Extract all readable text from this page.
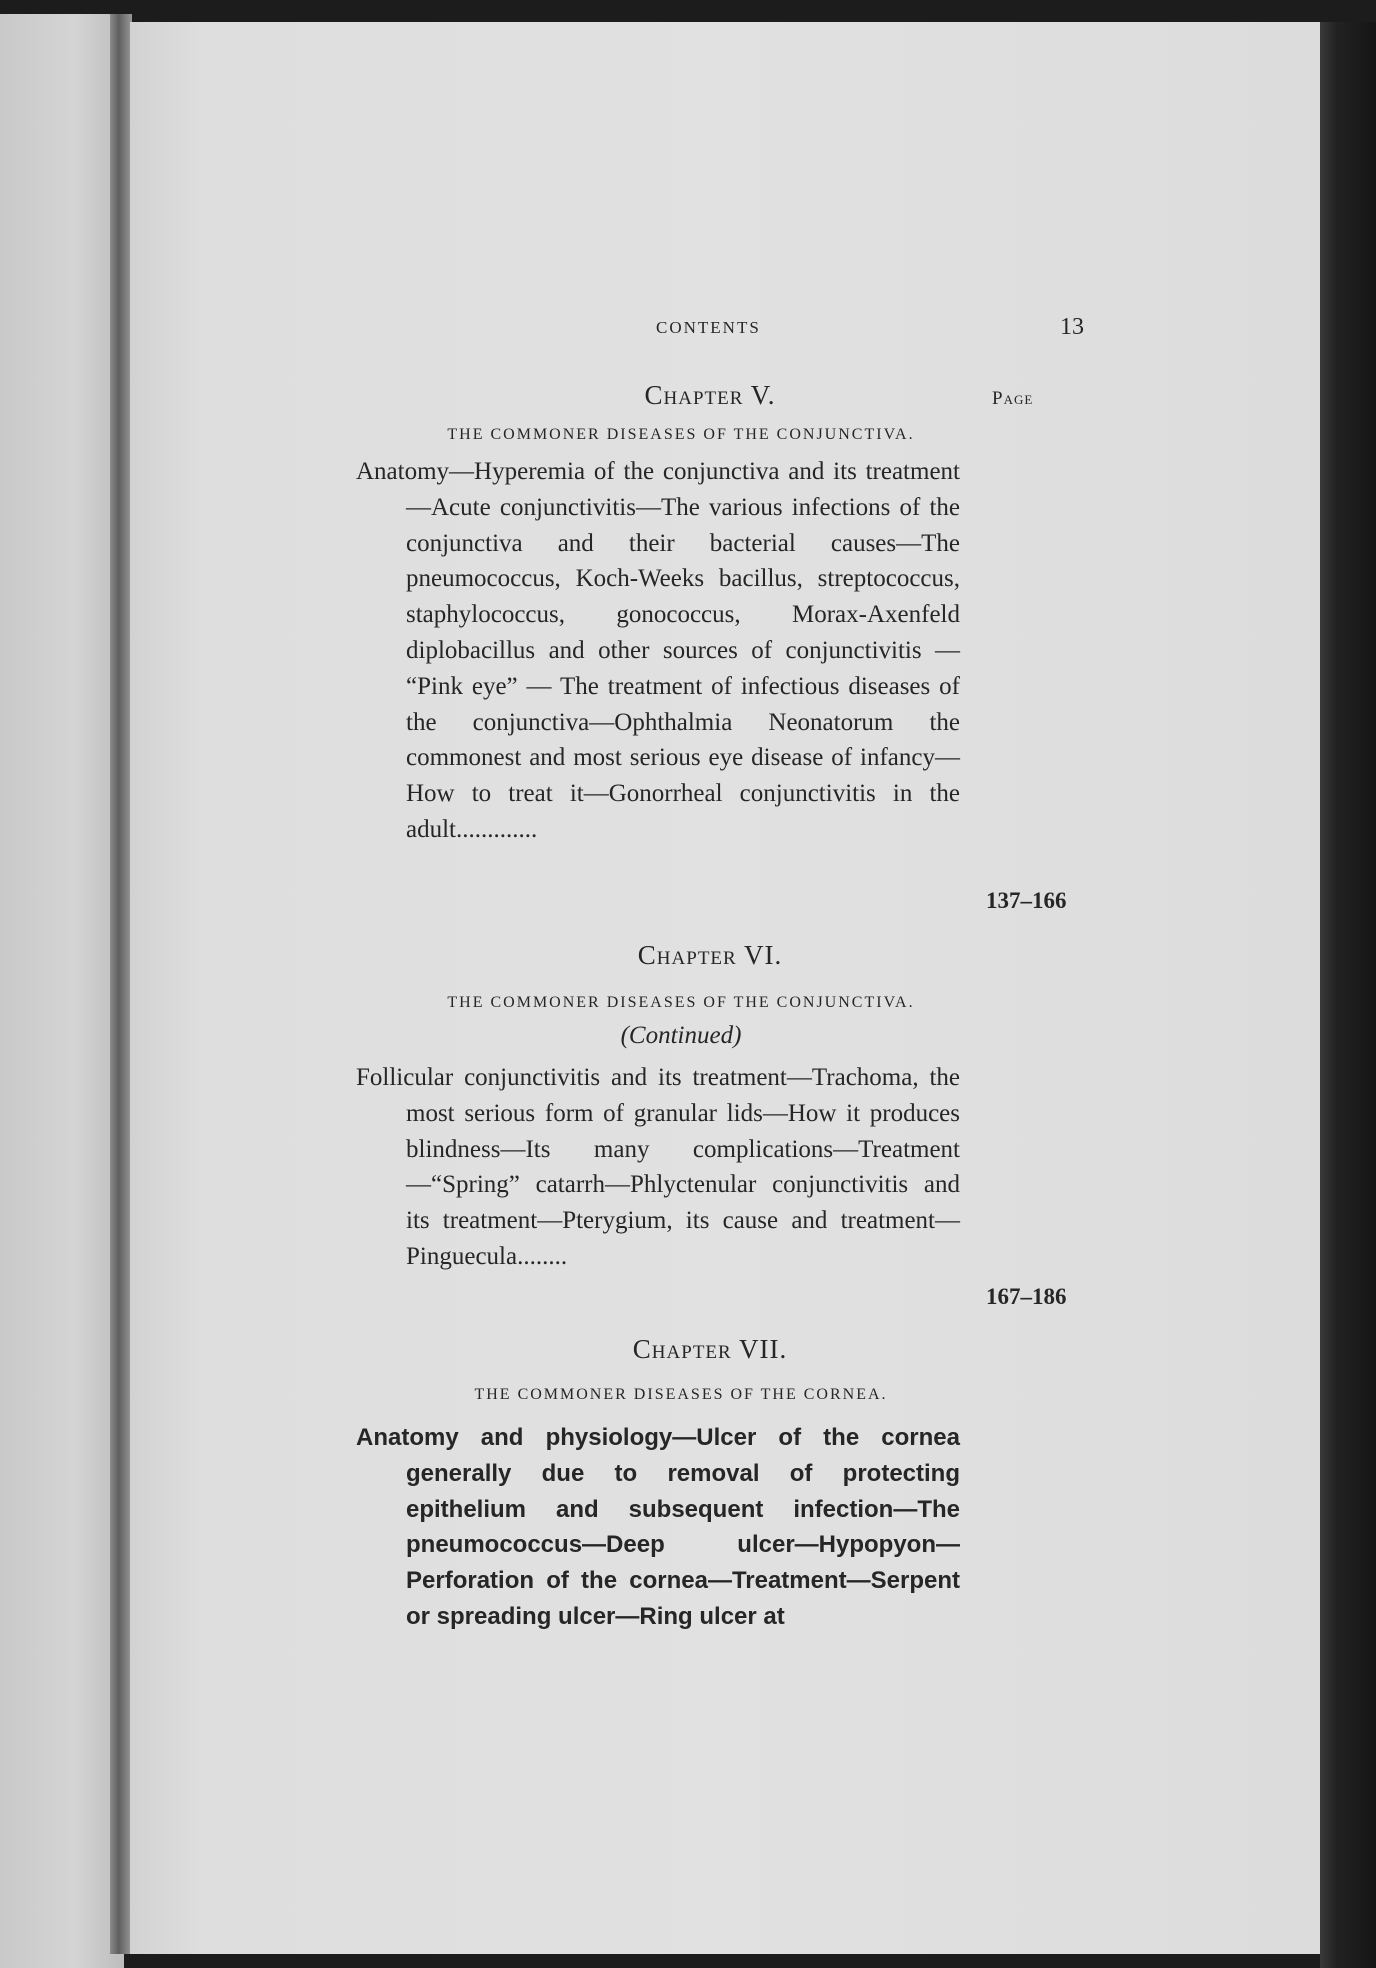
CONTENTS	13
Page
Chapter V.
THE COMMONER DISEASES OF THE CONJUNCTIVA.
Anatomy—Hyperemia of the conjunctiva and its treatment—Acute conjunctivitis—The various infections of the conjunctiva and their bacterial causes—The pneumococcus, Koch-Weeks bacillus, streptococcus, staphylococcus, gonococcus, Morax-Axenfeld diplobacillus and other sources of conjunctivitis — “Pink eye” — The treatment of infectious diseases of the conjunctiva—Ophthalmia Neonatorum the commonest and most serious eye disease of infancy—How to treat it—Gonorrheal conjunctivitis in the adult.............
137–166
Chapter VI.
THE COMMONER DISEASES OF THE CONJUNCTIVA.
(Continued)
Follicular conjunctivitis and its treatment—Trachoma, the most serious form of granular lids—How it produces blindness—Its many complications—Treatment—“Spring” catarrh—Phlyctenular conjunctivitis and its treatment—Pterygium, its cause and treatment—Pinguecula........
167–186
Chapter VII.
THE COMMONER DISEASES OF THE CORNEA.
Anatomy and physiology—Ulcer of the cornea generally due to removal of protecting epithelium and subsequent infection—The pneumococcus—Deep ulcer—Hypopyon—Perforation of the cornea—Treatment—Serpent or spreading ulcer—Ring ulcer at
